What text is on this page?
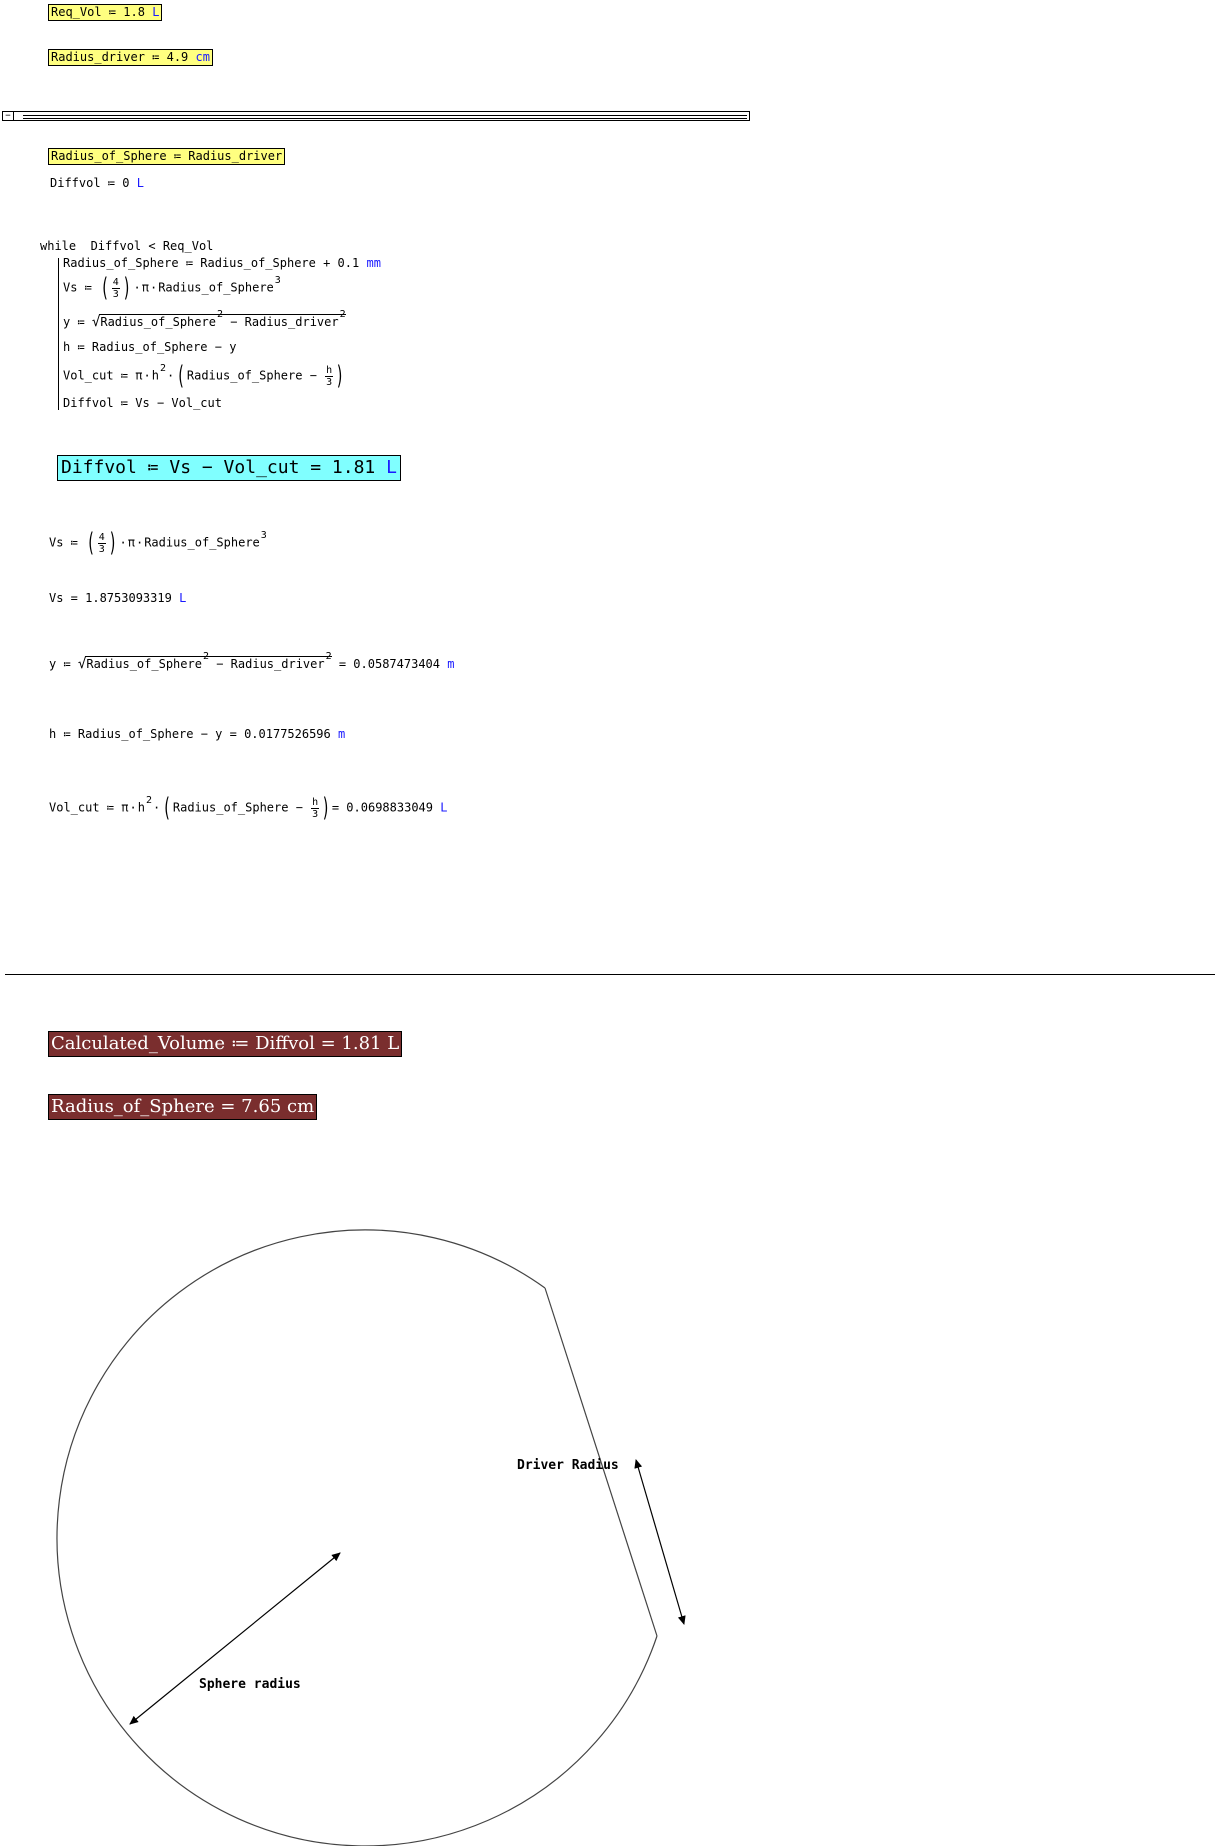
Req_Vol ≔ 1.8 L
Radius_driver ≔ 4.9 cm
−
Radius_of_Sphere ≔ Radius_driver
Diffvol ≔ 0 L
while Diffvol < Req_Vol
Radius_of_Sphere ≔ Radius_of_Sphere + 0.1 mm
Vs ≔ ( $\frac{4}{3}$ ) ·π·Radius_of_Sphere$^3$
y ≔ √Radius_of_Sphere$^2$ − Radius_driver$^2$
h ≔ Radius_of_Sphere − y
Vol_cut ≔ $\pi\cdot h^2\cdot$( Radius_of_Sphere − $\frac{h}{3}$ )
Diffvol ≔ Vs − Vol_cut
Diffvol ≔ Vs − Vol_cut = 1.81 L
Vs ≔ ( $\frac{4}{3}$ ) ·π·Radius_of_Sphere$^3$
Vs = 1.8753093319 L
y ≔ √Radius_of_Sphere$^2$ − Radius_driver$^2$ = 0.0587473404 m
h ≔ Radius_of_Sphere − y = 0.0177526596 m
Vol_cut ≔ $\pi\cdot h^2\cdot$( Radius_of_Sphere − $\frac{h}{3}$ ) = 0.0698833049 L
Calculated_Volume ≔ Diffvol = 1.81 L
Radius_of_Sphere = 7.65 cm
Driver Radius
Sphere radius
